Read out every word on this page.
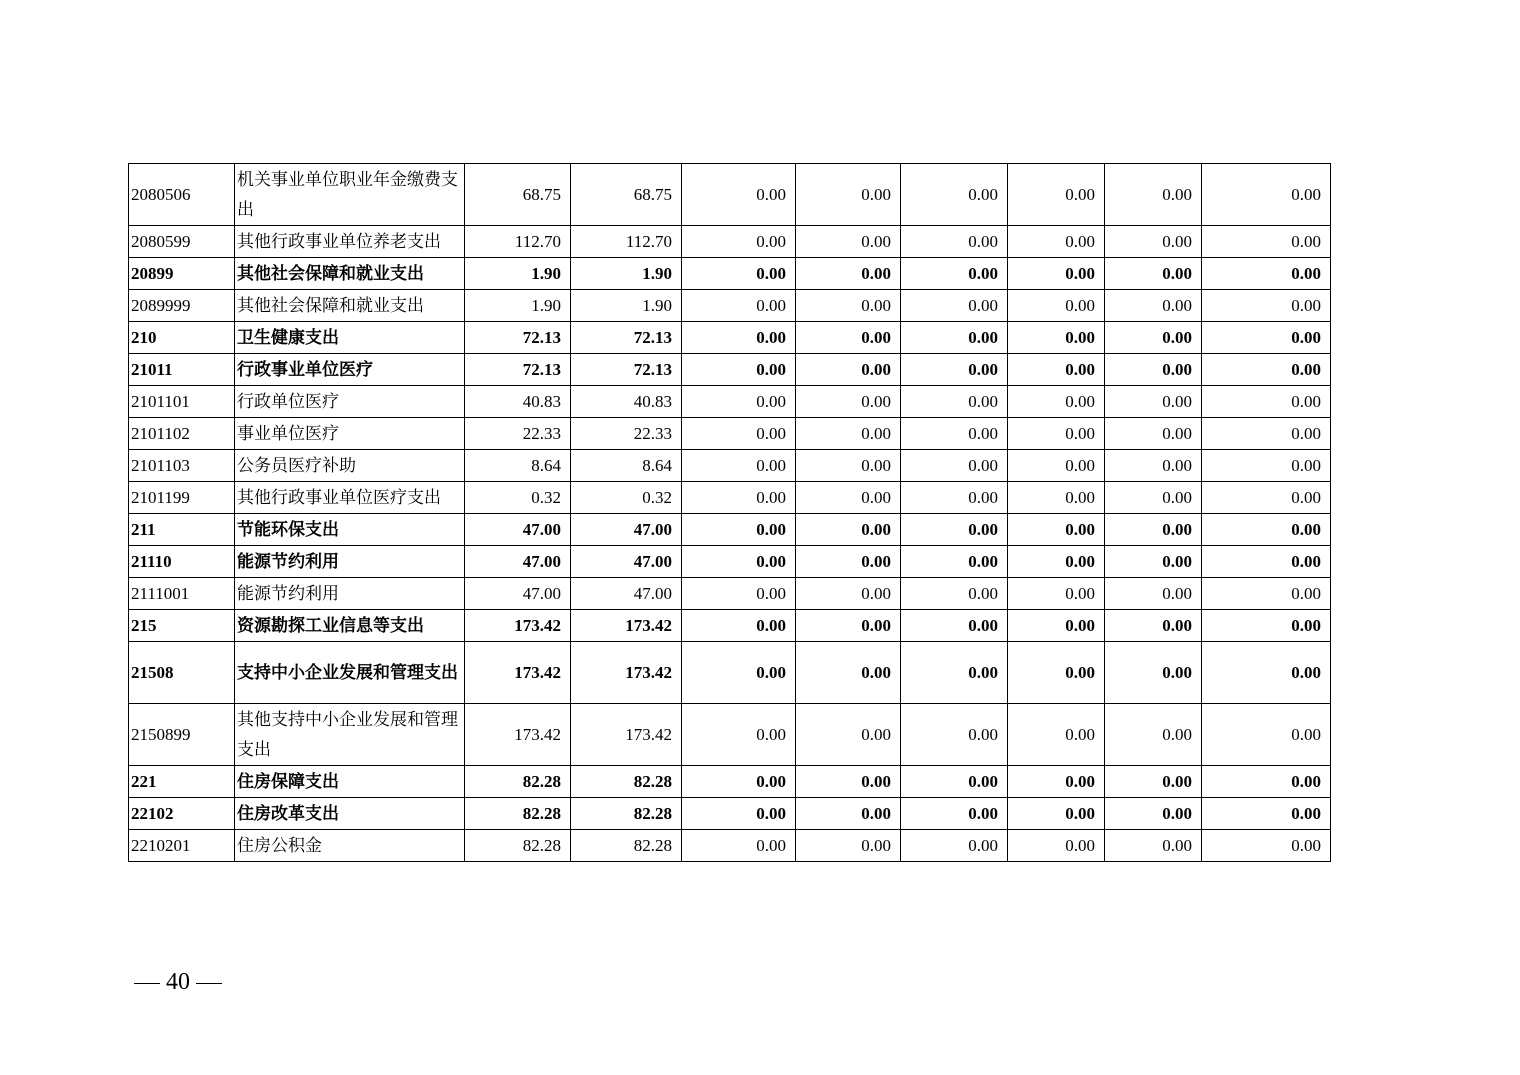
2080506	机关事业单位职业年金缴费支出	68.75	68.75	0.00	0.00	0.00	0.00	0.00	0.00
2080599	其他行政事业单位养老支出	112.70	112.70	0.00	0.00	0.00	0.00	0.00	0.00
20899	其他社会保障和就业支出	1.90	1.90	0.00	0.00	0.00	0.00	0.00	0.00
2089999	其他社会保障和就业支出	1.90	1.90	0.00	0.00	0.00	0.00	0.00	0.00
210	卫生健康支出	72.13	72.13	0.00	0.00	0.00	0.00	0.00	0.00
21011	行政事业单位医疗	72.13	72.13	0.00	0.00	0.00	0.00	0.00	0.00
2101101	行政单位医疗	40.83	40.83	0.00	0.00	0.00	0.00	0.00	0.00
2101102	事业单位医疗	22.33	22.33	0.00	0.00	0.00	0.00	0.00	0.00
2101103	公务员医疗补助	8.64	8.64	0.00	0.00	0.00	0.00	0.00	0.00
2101199	其他行政事业单位医疗支出	0.32	0.32	0.00	0.00	0.00	0.00	0.00	0.00
211	节能环保支出	47.00	47.00	0.00	0.00	0.00	0.00	0.00	0.00
21110	能源节约利用	47.00	47.00	0.00	0.00	0.00	0.00	0.00	0.00
2111001	能源节约利用	47.00	47.00	0.00	0.00	0.00	0.00	0.00	0.00
215	资源勘探工业信息等支出	173.42	173.42	0.00	0.00	0.00	0.00	0.00	0.00
21508	支持中小企业发展和管理支出	173.42	173.42	0.00	0.00	0.00	0.00	0.00	0.00
2150899	其他支持中小企业发展和管理支出	173.42	173.42	0.00	0.00	0.00	0.00	0.00	0.00
221	住房保障支出	82.28	82.28	0.00	0.00	0.00	0.00	0.00	0.00
22102	住房改革支出	82.28	82.28	0.00	0.00	0.00	0.00	0.00	0.00
2210201	住房公积金	82.28	82.28	0.00	0.00	0.00	0.00	0.00	0.00
40
